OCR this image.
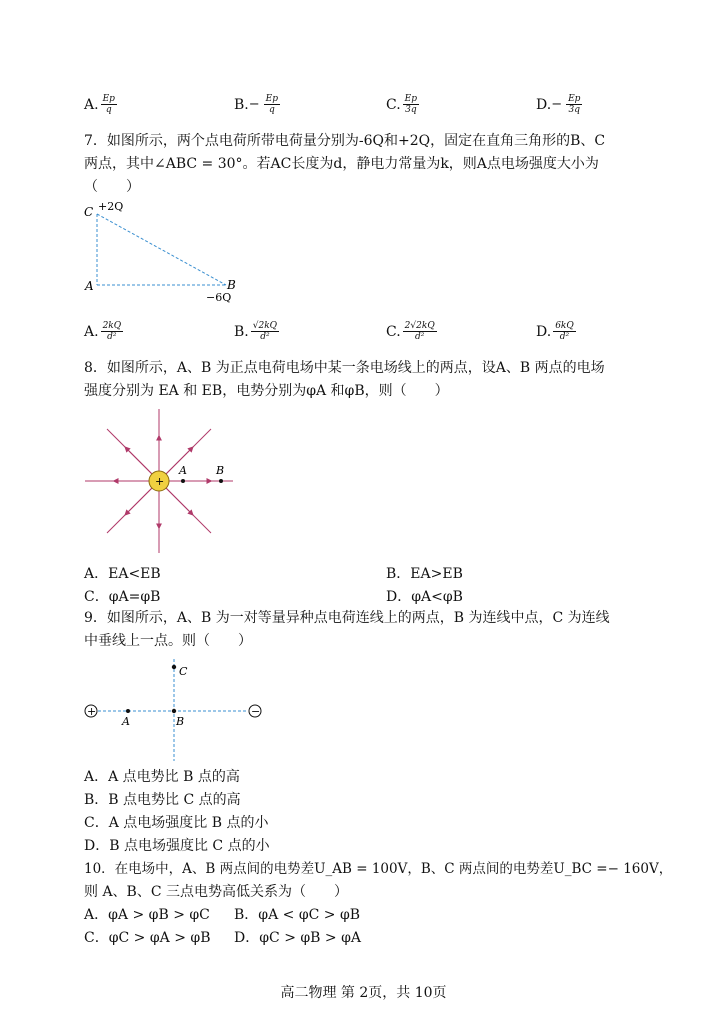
A. $\frac{Ep}{q}$	B. − $\frac{Ep}{q}$	C. $\frac{Ep}{3q}$	D. − $\frac{Ep}{3q}$
7．如图所示，两个点电荷所带电荷量分别为-6Q和+2Q，固定在直角三角形的B、C
两点，其中∠ABC = 30°。若AC长度为d，静电力常量为k，则A点电场强度大小为
（　　）
C +2Q
A	B
−6Q
A. $\frac{2kQ}{\text{d²}}$	B. $\frac{√2kQ}{\text{d²}}$	C. $\frac{2√2kQ}{\text{d²}}$	D. $\frac{6kQ}{\text{d²}}$
8．如图所示，A、B 为正点电荷电场中某一条电场线上的两点，设A、B 两点的电场
强度分别为 EA 和 EB，电势分别为φA 和φB，则（　　）
+
A	B
A．EA<EB	B．EA>EB
C．φA=φB	D．φA<φB
9．如图所示，A、B 为一对等量异种点电荷连线上的两点，B 为连线中点，C 为连线
中垂线上一点。则（　　）
+	−
A	B
C
A．A 点电势比 B 点的高
B．B 点电势比 C 点的高
C．A 点电场强度比 B 点的小
D．B 点电场强度比 C 点的小
10．在电场中，A、B 两点间的电势差U_AB = 100V，B、C 两点间的电势差U_BC =− 160V，
则 A、B、C 三点电势高低关系为（　　）
A．φA > φB > φC B．φA < φC > φB
C．φC > φA > φB D．φC > φB > φA
高二物理 第 2页，共 10页
